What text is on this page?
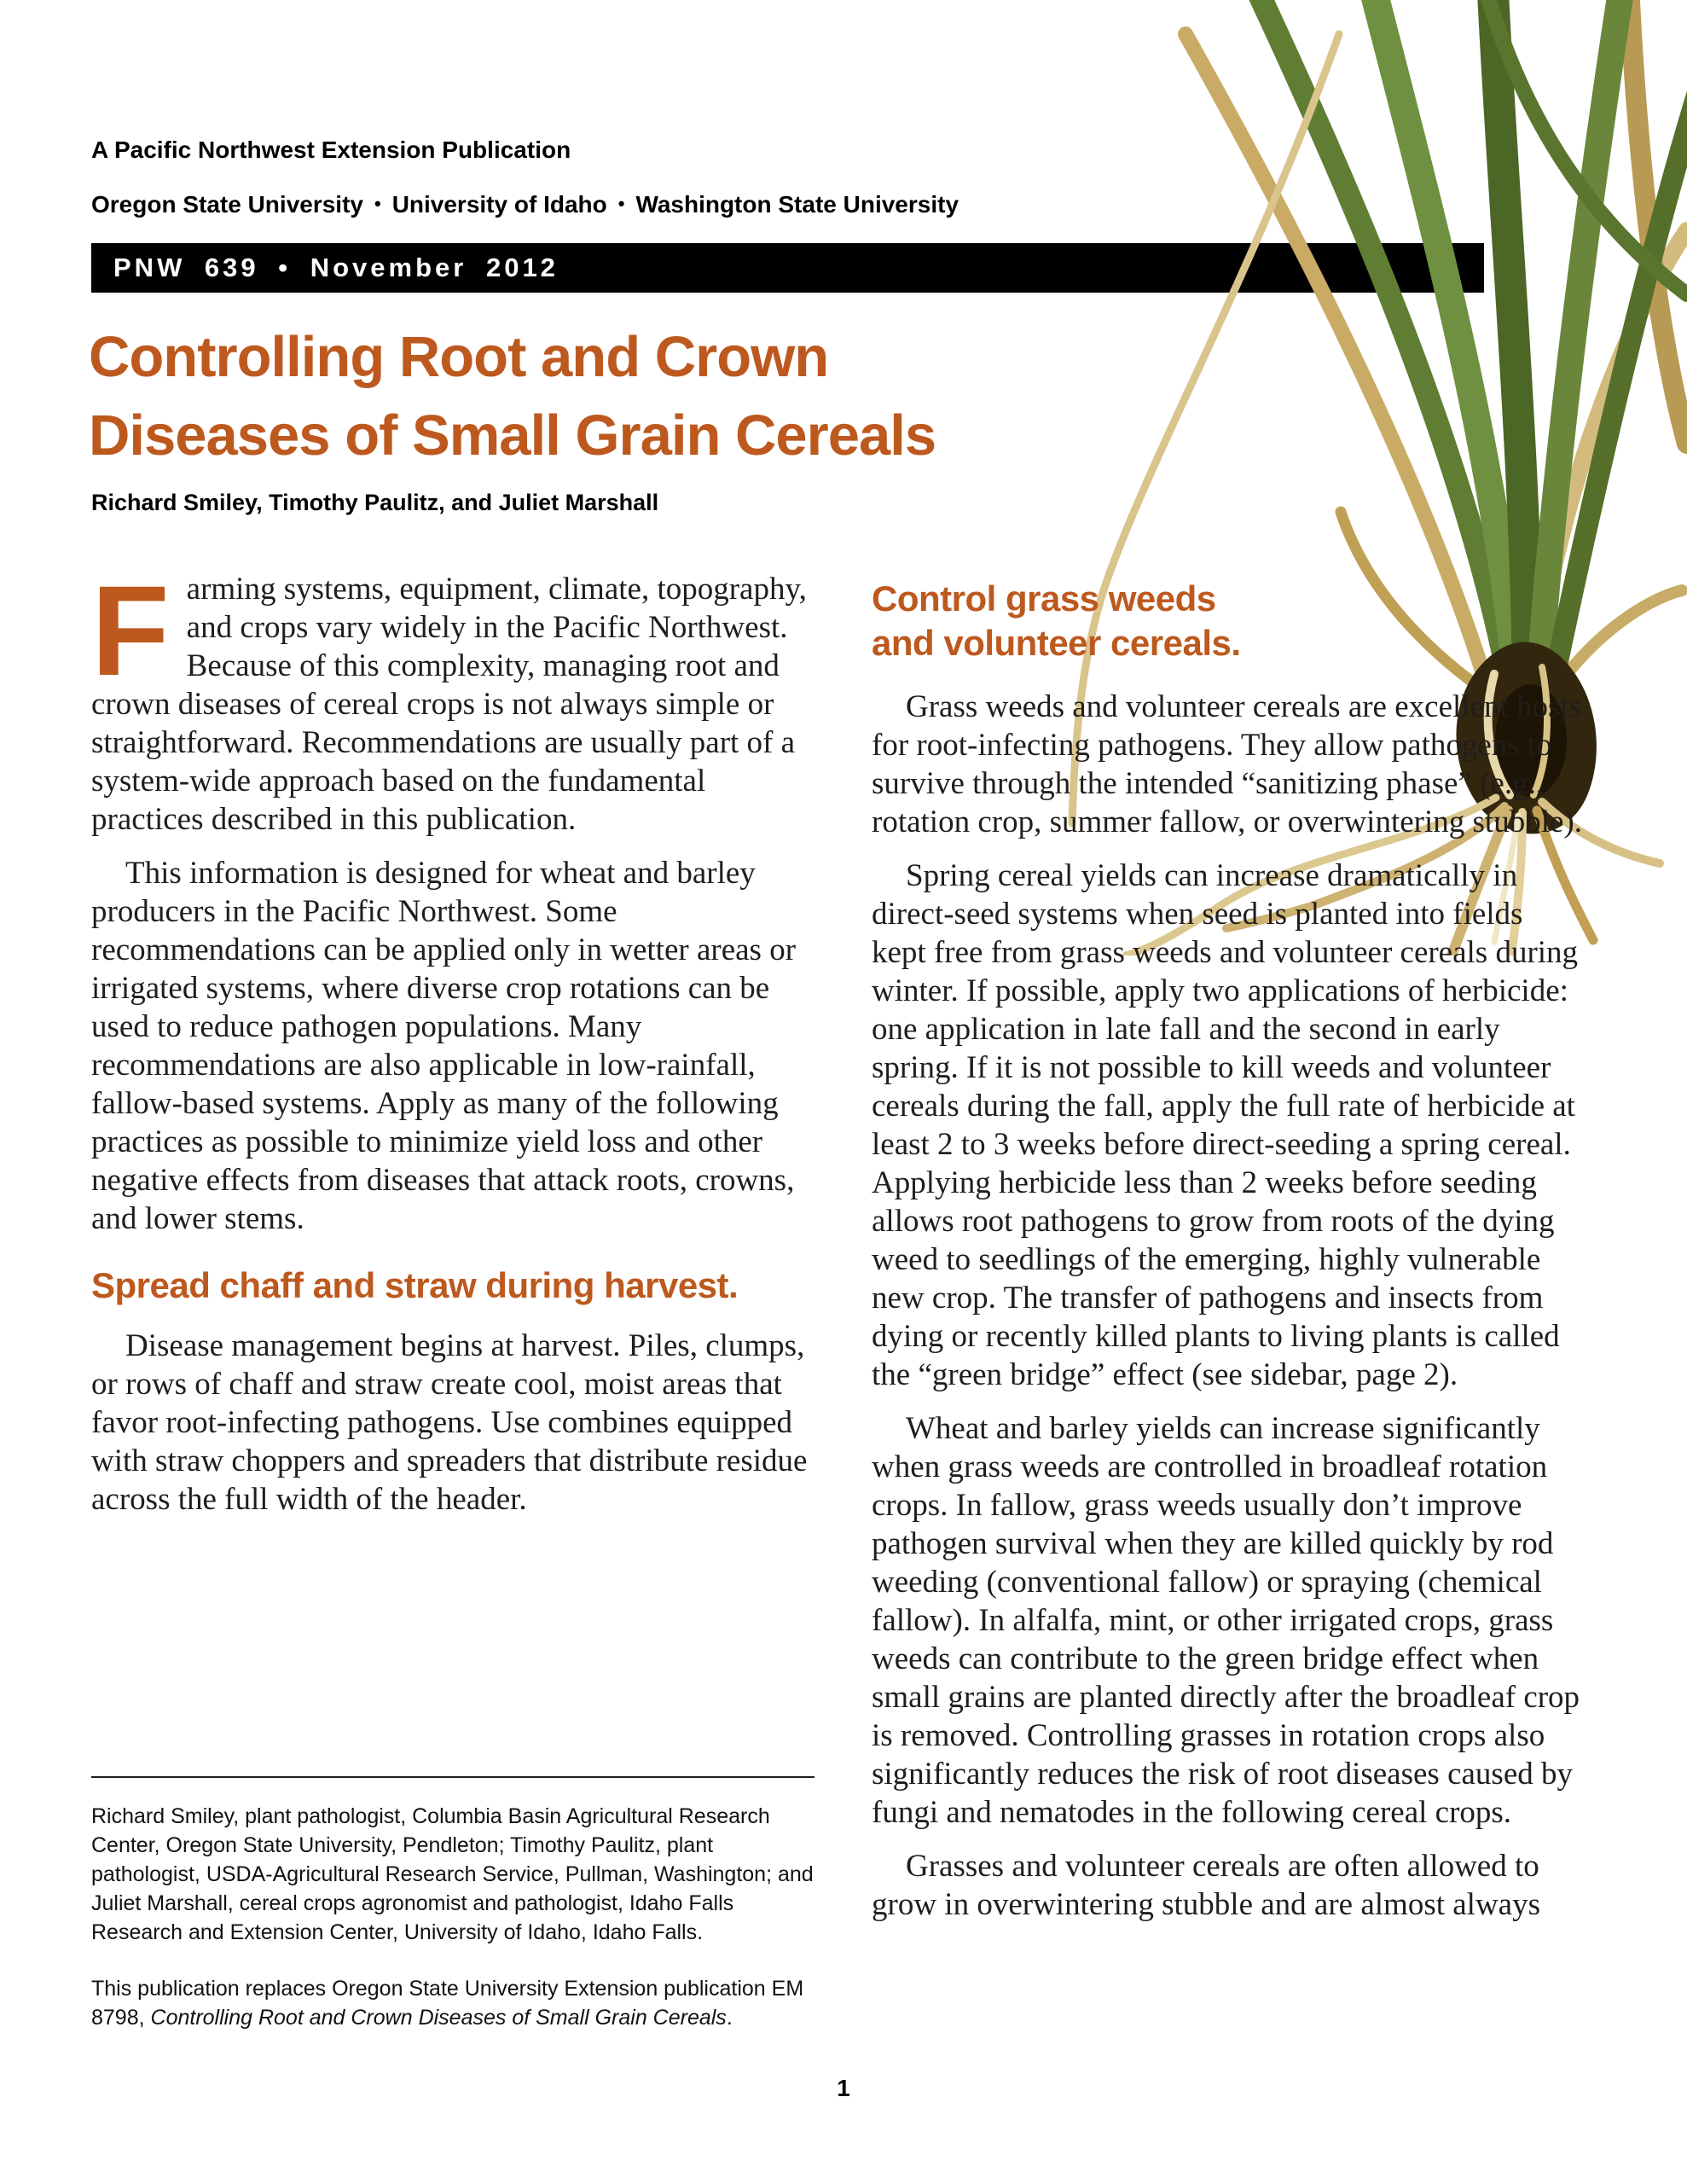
A Pacific Northwest Extension Publication
Oregon State University • University of Idaho • Washington State University
PNW 639 • November 2012
Controlling Root and Crown
Diseases of Small Grain Cereals
Richard Smiley, Timothy Paulitz, and Juliet Marshall

Farming systems, equipment, climate, topography, and crops vary widely in the Pacific Northwest. Because of this complexity, managing root and crown diseases of cereal crops is not always simple or straightforward. Recommendations are usually part of a system-wide approach based on the fundamental practices described in this publication.

This information is designed for wheat and barley producers in the Pacific Northwest. Some recommendations can be applied only in wetter areas or irrigated systems, where diverse crop rotations can be used to reduce pathogen populations. Many recommendations are also applicable in low-rainfall, fallow-based systems. Apply as many of the following practices as possible to minimize yield loss and other negative effects from diseases that attack roots, crowns, and lower stems.

Spread chaff and straw during harvest.

Disease management begins at harvest. Piles, clumps, or rows of chaff and straw create cool, moist areas that favor root-infecting pathogens. Use combines equipped with straw choppers and spreaders that distribute residue across the full width of the header.

Control grass weeds
and volunteer cereals.

Grass weeds and volunteer cereals are excellent hosts for root-infecting pathogens. They allow pathogens to survive through the intended “sanitizing phase” (e.g., rotation crop, summer fallow, or overwintering stubble).

Spring cereal yields can increase dramatically in direct-seed systems when seed is planted into fields kept free from grass weeds and volunteer cereals during winter. If possible, apply two applications of herbicide: one application in late fall and the second in early spring. If it is not possible to kill weeds and volunteer cereals during the fall, apply the full rate of herbicide at least 2 to 3 weeks before direct-seeding a spring cereal. Applying herbicide less than 2 weeks before seeding allows root pathogens to grow from roots of the dying weed to seedlings of the emerging, highly vulnerable new crop. The transfer of pathogens and insects from dying or recently killed plants to living plants is called the “green bridge” effect (see sidebar, page 2).

Wheat and barley yields can increase significantly when grass weeds are controlled in broadleaf rotation crops. In fallow, grass weeds usually don’t improve pathogen survival when they are killed quickly by rod weeding (conventional fallow) or spraying (chemical fallow). In alfalfa, mint, or other irrigated crops, grass weeds can contribute to the green bridge effect when small grains are planted directly after the broadleaf crop is removed. Controlling grasses in rotation crops also significantly reduces the risk of root diseases caused by fungi and nematodes in the following cereal crops.

Grasses and volunteer cereals are often allowed to grow in overwintering stubble and are almost always

Richard Smiley, plant pathologist, Columbia Basin Agricultural Research Center, Oregon State University, Pendleton; Timothy Paulitz, plant pathologist, USDA-Agricultural Research Service, Pullman, Washington; and Juliet Marshall, cereal crops agronomist and pathologist, Idaho Falls Research and Extension Center, University of Idaho, Idaho Falls.

This publication replaces Oregon State University Extension publication EM 8798, Controlling Root and Crown Diseases of Small Grain Cereals.

1
